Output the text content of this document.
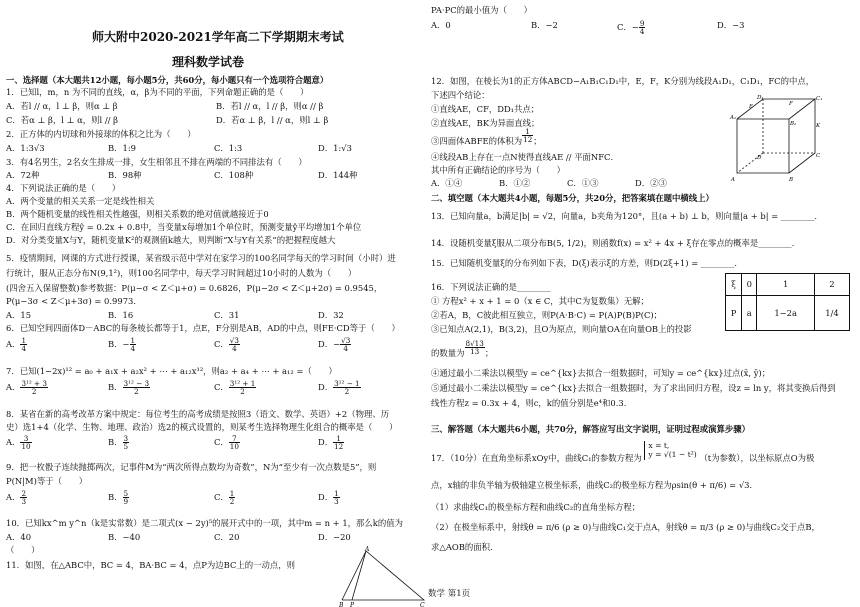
师大附中2020-2021学年高二下学期期末考试
理科数学试卷
一、选择题（本大题共12小题，每小题5分，共60分，每小题只有一个选项符合题意）
1．已知l，m，n 为不同的直线，α，β为不同的平面，下列命题正确的是（　　）
A．若l // α，l ⊥ β，则α ⊥ β	B．若l // α，l // β，则α // β
C．若α ⊥ β，l ⊥ α，则l // β	D．若α ⊥ β，l // α，则l ⊥ β
2．正方体的内切球和外接球的体积之比为（　　）
A．1:3√3	B．1:9	C．1:3	D．1:√3
3．有4名男生，2名女生排成一排，女生相邻且不排在两端的不同排法有（　　）
A．72种	B．98种	C．108种	D．144种
4．下列说法正确的是（　　）
A．两个变量的相关关系一定是线性相关
B．两个随机变量的线性相关性越强，则相关系数的绝对值就越接近于0
C．在回归直线方程ŷ = 0.2x + 0.8中，当变量x每增加1个单位时，预测变量ŷ平均增加1个单位
D．对分类变量X与Y，随机变量K²的观测值k越大，则判断“X与Y有关系”的把握程度越大
5．疫情期间，网课的方式进行授课，某省级示范中学对在家学习的100名同学每天的学习时间（小时）进
行统计，服从正态分布N(9,1²)，则100名同学中，每天学习时间超过10小时的人数为（　　）
(四舍五入保留整数)参考数据：P(μ−σ < Z＜μ+σ) = 0.6826，P(μ−2σ < Z＜μ+2σ) = 0.9545，
P(μ−3σ < Z＜μ+3σ) = 0.9973．
A．15	B．16	C．31	D．32
6．已知空间四面体D－ABC的每条棱长都等于1，点E，F分别是AB，AD的中点，则FE·CD等于（　　）
A． $\frac{1}{4}$	B．− $\frac{1}{4}$	C． $\frac{√3}{4}$	D．− $\frac{√3}{4}$
7．已知(1−2x)¹² = a₀ + a₁x + a₂x² + ⋯ + a₁₂x¹²，则a₂ + a₄ + ⋯ + a₁₂ =（　　）
A． $\frac{\text{3¹² + 3}}{2}$	B． $\frac{\text{3¹² − 3}}{2}$	C． $\frac{\text{3¹² + 1}}{2}$	D． $\frac{\text{3¹² − 1}}{2}$
8．某省在新的高考改革方案中规定：每位考生的高考成绩是按照3（语文、数学、英语）+2（物理、历
史）选1+4（化学、生物、地理、政治）选2的模式设置的，则某考生选择物理生化组合的概率是（　　）
A． $\frac{3}{10}$	B． $\frac{3}{5}$	C． $\frac{7}{10}$	D． $\frac{1}{12}$
9．把一枚骰子连续抛掷两次，记事件M为“两次所得点数均为奇数”，N为“至少有一次点数是5”，则
P(N|M)等于（　　）
A． $\frac{2}{3}$	B． $\frac{5}{9}$	C． $\frac{1}{2}$	D． $\frac{1}{3}$
10．已知kx^m y^n（k是实常数）是二项式(x − 2y)⁵的展开式中的一项，其中m = n + 1，那么k的值为
A．40	B．−40	C．20	D．−20
（　　）
11．如图，在△ABC中，BC = 4，BA·BC = 4，点P为边BC上的一动点，则
A
B P	C
数学 第1页
PA·PC的最小值为（　　）
A．0	B．−2	C．− $\frac{9}{4}$	D．−3
12．如图，在棱长为1的正方体ABCD−A₁B₁C₁D₁中，E，F，K分别为线段A₁D₁，C₁D₁，FC的中点，
下述四个结论：
①直线AE，CF，DD₁共点；
②直线AE，BK为异面直线；
③四面体ABFE的体积为 $\frac{1}{12}$ ；
④线段AB上存在一点N使得直线AE // 平面NFC．
其中所有正确结论的序号为（　　）
A．①④	B．①②	C．①③	D．②③
A₁
D₁
E	F
C₁
B₁	K
D	C
A	B
二、填空题（本大题共4小题，每题5分，共20分，把答案填在题中横线上）
13．已知向量a，b满足|b| = √2，向量a，b夹角为120°，且(a + b) ⊥ b，则向量|a + b| = ________．
14．设随机变量ξ服从二项分布B(5, 1/2)，则函数f(x) = x² + 4x + ξ存在零点的概率是________．
15．已知随机变量ξ的分布列如下表，D(ξ)表示ξ的方差，则D(2ξ+1) = ________．
16．下列说法正确的是________	ξ	0	1	2
P	a	1−2a	1/4
① 方程x² + x + 1 = 0（x ∈ C，其中C为复数集）无解；
②若A，B，C彼此相互独立，则P(A·B·C) = P(A)P(B)P(C)；
③已知点A(2,1)，B(3,2)，且O为原点，则向量OA在向量OB上的投影
的数量为 $\frac{8√13}{13}$ ；
④通过最小二乘法以模型y = ce^{kx}去拟合一组数据时，可知y = ce^{kx}过点(x̄, ȳ)；
⑤通过最小二乘法以模型y = ce^{kx}去拟合一组数据时，为了求出回归方程，设z = ln y，将其变换后得到
线性方程z = 0.3x + 4，则c，k的值分别是e⁴和0.3.
三、解答题（本大题共6小题，共70分，解答应写出文字说明，证明过程或演算步骤）
17．（10分）在直角坐标系xOy中，曲线C₁的参数方程为
x = t,
y = √(1 − t²) （t为参数），以坐标原点O为极
点，x轴的非负半轴为极轴建立极坐标系，曲线C₂的极坐标方程为ρsin(θ + π/6) = √3．
（1）求曲线C₁的极坐标方程和曲线C₂的直角坐标方程；
（2）在极坐标系中，射线θ = π/6 (ρ ≥ 0)与曲线C₁交于点A，射线θ = π/3 (ρ ≥ 0)与曲线C₂交于点B，
求△AOB的面积.
